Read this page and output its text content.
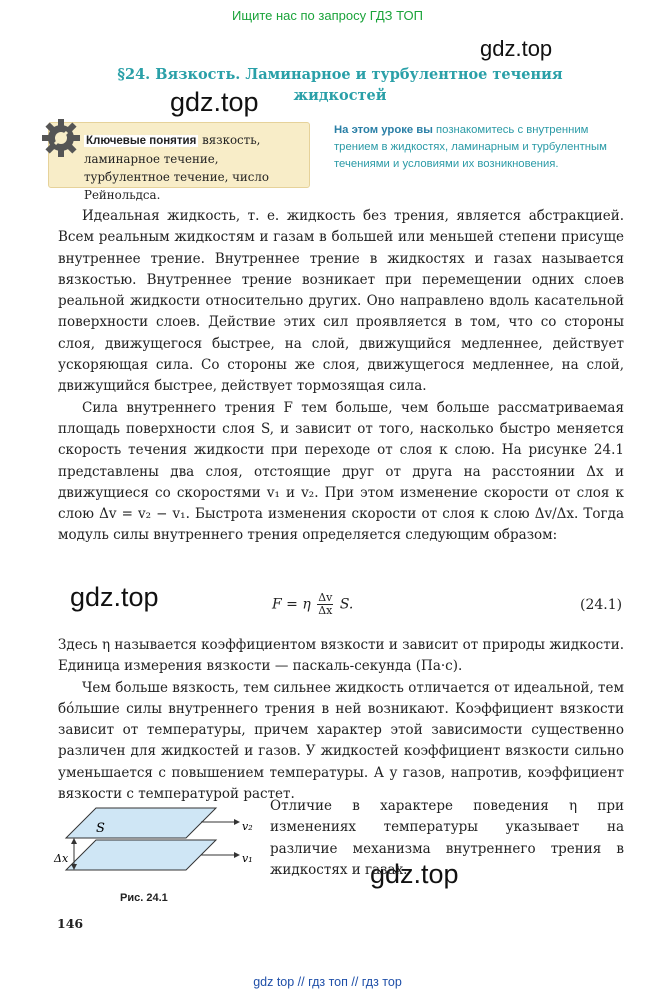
Ищите нас по запросу ГДЗ ТОП
gdz.top
gdz.top
gdz.top
gdz.top
§24. Вязкость. Ламинарное и турбулентное течения
жидкостей
Ключевые понятия вязкость, ламинарное течение, турбулентное течение, число Рейнольдса.
На этом уроке вы познакомитесь с внутренним трением в жидкостях, ламинарным и турбулентным течениями и условиями их возникновения.

Идеальная жидкость, т. е. жидкость без трения, является абстракцией. Всем реальным жидкостям и газам в большей или меньшей степени присуще внутреннее трение. Внутреннее трение в жидкостях и газах называется вязкостью. Внутреннее трение возникает при перемещении одних слоев реальной жидкости относительно других. Оно направлено вдоль касательной поверхности слоев. Действие этих сил проявляется в том, что со стороны слоя, движущегося быстрее, на слой, движущийся медленнее, действует ускоряющая сила. Со стороны же слоя, движущегося медленнее, на слой, движущийся быстрее, действует тормозящая сила.

Сила внутреннего трения F тем больше, чем больше рассматриваемая площадь поверхности слоя S, и зависит от того, насколько быстро меняется скорость течения жидкости при переходе от слоя к слою. На рисунке 24.1 представлены два слоя, отстоящие друг от друга на расстоянии Δx и движущиеся со скоростями v₁ и v₂. При этом изменение скорости от слоя к слою Δv = v₂ − v₁. Быстрота изменения скорости от слоя к слою Δv/Δx. Тогда модуль силы внутреннего трения определяется следующим образом:

F = η $\frac{\Delta v}{\Delta x} S$.	(24.1)

Здесь η называется коэффициентом вязкости и зависит от природы жидкости. Единица измерения вязкости — паскаль-секунда (Па·с).

Чем больше вязкость, тем сильнее жидкость отличается от идеальной, тем бóльшие силы внутреннего трения в ней возникают. Коэффициент вязкости зависит от температуры, причем характер этой зависимости существенно различен для жидкостей и газов. У жидкостей коэффициент вязкости сильно уменьшается с повышением температуры. А у газов, напротив, коэффициент вязкости с температурой растет.

Отличие в характере поведения η при изменениях температуры указывает на различие механизма внутреннего трения в жидкостях и газах.
S	v₂
v₁
Δx
Рис. 24.1
146
gdz top // гдз топ // гдз тор
